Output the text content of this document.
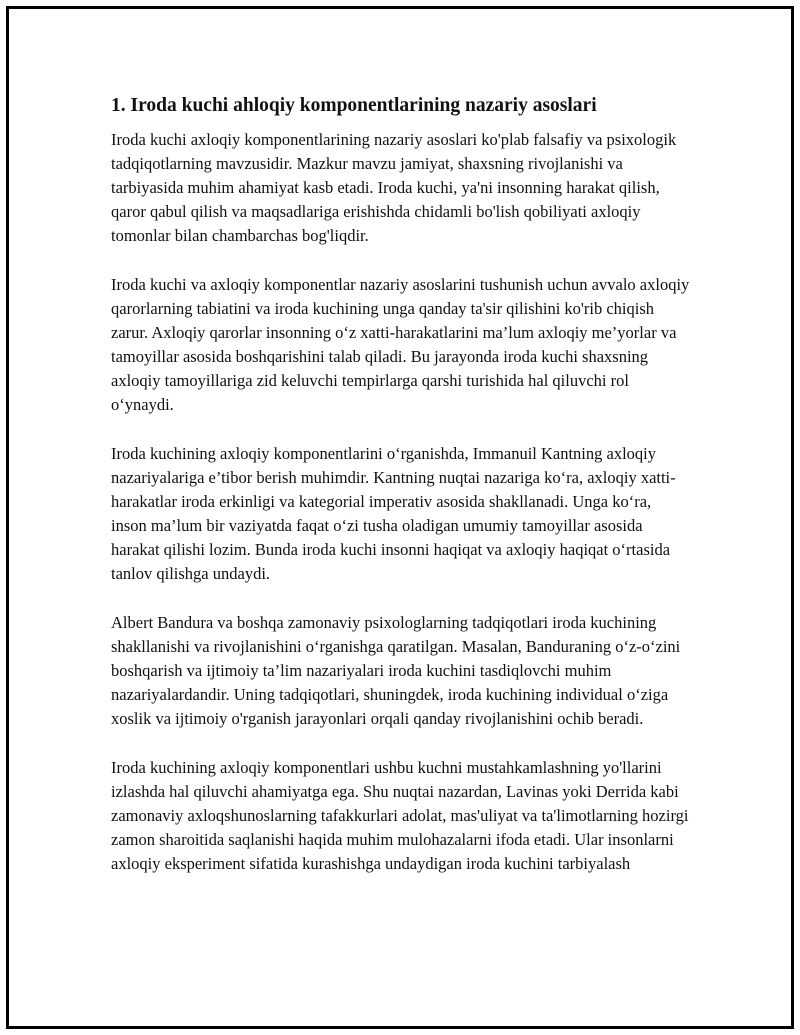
1. Iroda kuchi ahloqiy komponentlarining nazariy asoslari

Iroda kuchi axloqiy komponentlarining nazariy asoslari ko'plab falsafiy va psixologik tadqiqotlarning mavzusidir. Mazkur mavzu jamiyat, shaxsning rivojlanishi va tarbiyasida muhim ahamiyat kasb etadi. Iroda kuchi, ya'ni insonning harakat qilish, qaror qabul qilish va maqsadlariga erishishda chidamli bo'lish qobiliyati axloqiy tomonlar bilan chambarchas bog'liqdir.

Iroda kuchi va axloqiy komponentlar nazariy asoslarini tushunish uchun avvalo axloqiy qarorlarning tabiatini va iroda kuchining unga qanday ta'sir qilishini ko'rib chiqish zarur. Axloqiy qarorlar insonning o‘z xatti-harakatlarini ma’lum axloqiy me’yorlar va tamoyillar asosida boshqarishini talab qiladi. Bu jarayonda iroda kuchi shaxsning axloqiy tamoyillariga zid keluvchi tempirlarga qarshi turishida hal qiluvchi rol o‘ynaydi.

Iroda kuchining axloqiy komponentlarini o‘rganishda, Immanuil Kantning axloqiy nazariyalariga e’tibor berish muhimdir. Kantning nuqtai nazariga ko‘ra, axloqiy xatti-harakatlar iroda erkinligi va kategorial imperativ asosida shakllanadi. Unga ko‘ra, inson ma’lum bir vaziyatda faqat o‘zi tusha oladigan umumiy tamoyillar asosida harakat qilishi lozim. Bunda iroda kuchi insonni haqiqat va axloqiy haqiqat o‘rtasida tanlov qilishga undaydi.

Albert Bandura va boshqa zamonaviy psixologlarning tadqiqotlari iroda kuchining shakllanishi va rivojlanishini o‘rganishga qaratilgan. Masalan, Banduraning o‘z-o‘zini boshqarish va ijtimoiy ta’lim nazariyalari iroda kuchini tasdiqlovchi muhim nazariyalardandir. Uning tadqiqotlari, shuningdek, iroda kuchining individual o‘ziga xoslik va ijtimoiy o'rganish jarayonlari orqali qanday rivojlanishini ochib beradi.

Iroda kuchining axloqiy komponentlari ushbu kuchni mustahkamlashning yo'llarini izlashda hal qiluvchi ahamiyatga ega. Shu nuqtai nazardan, Lavinas yoki Derrida kabi zamonaviy axloqshunoslarning tafakkurlari adolat, mas'uliyat va ta'limotlarning hozirgi zamon sharoitida saqlanishi haqida muhim mulohazalarni ifoda etadi. Ular insonlarni axloqiy eksperiment sifatida kurashishga undaydigan iroda kuchini tarbiyalash
